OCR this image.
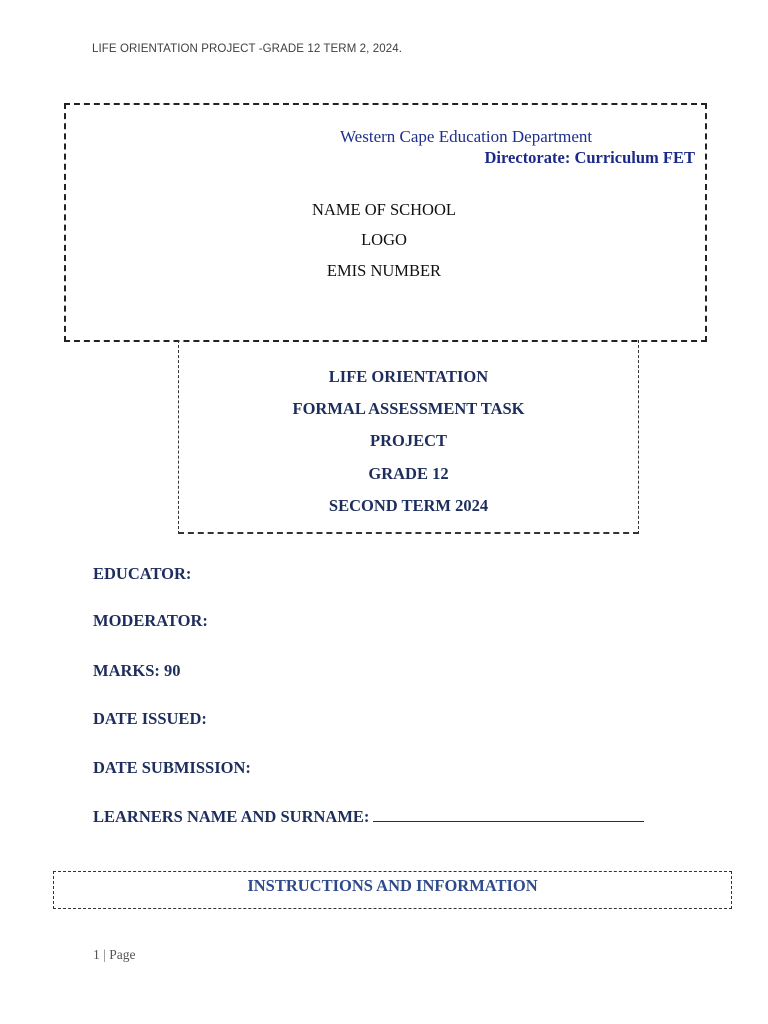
LIFE ORIENTATION PROJECT -GRADE 12 TERM 2, 2024.
Western Cape Education Department
Directorate: Curriculum FET
NAME OF SCHOOL
LOGO
EMIS NUMBER
LIFE ORIENTATION
FORMAL ASSESSMENT TASK
PROJECT
GRADE 12
SECOND TERM 2024
EDUCATOR:
MODERATOR:
MARKS: 90
DATE ISSUED:
DATE SUBMISSION:
LEARNERS NAME AND SURNAME:
INSTRUCTIONS AND INFORMATION
1 | Page
